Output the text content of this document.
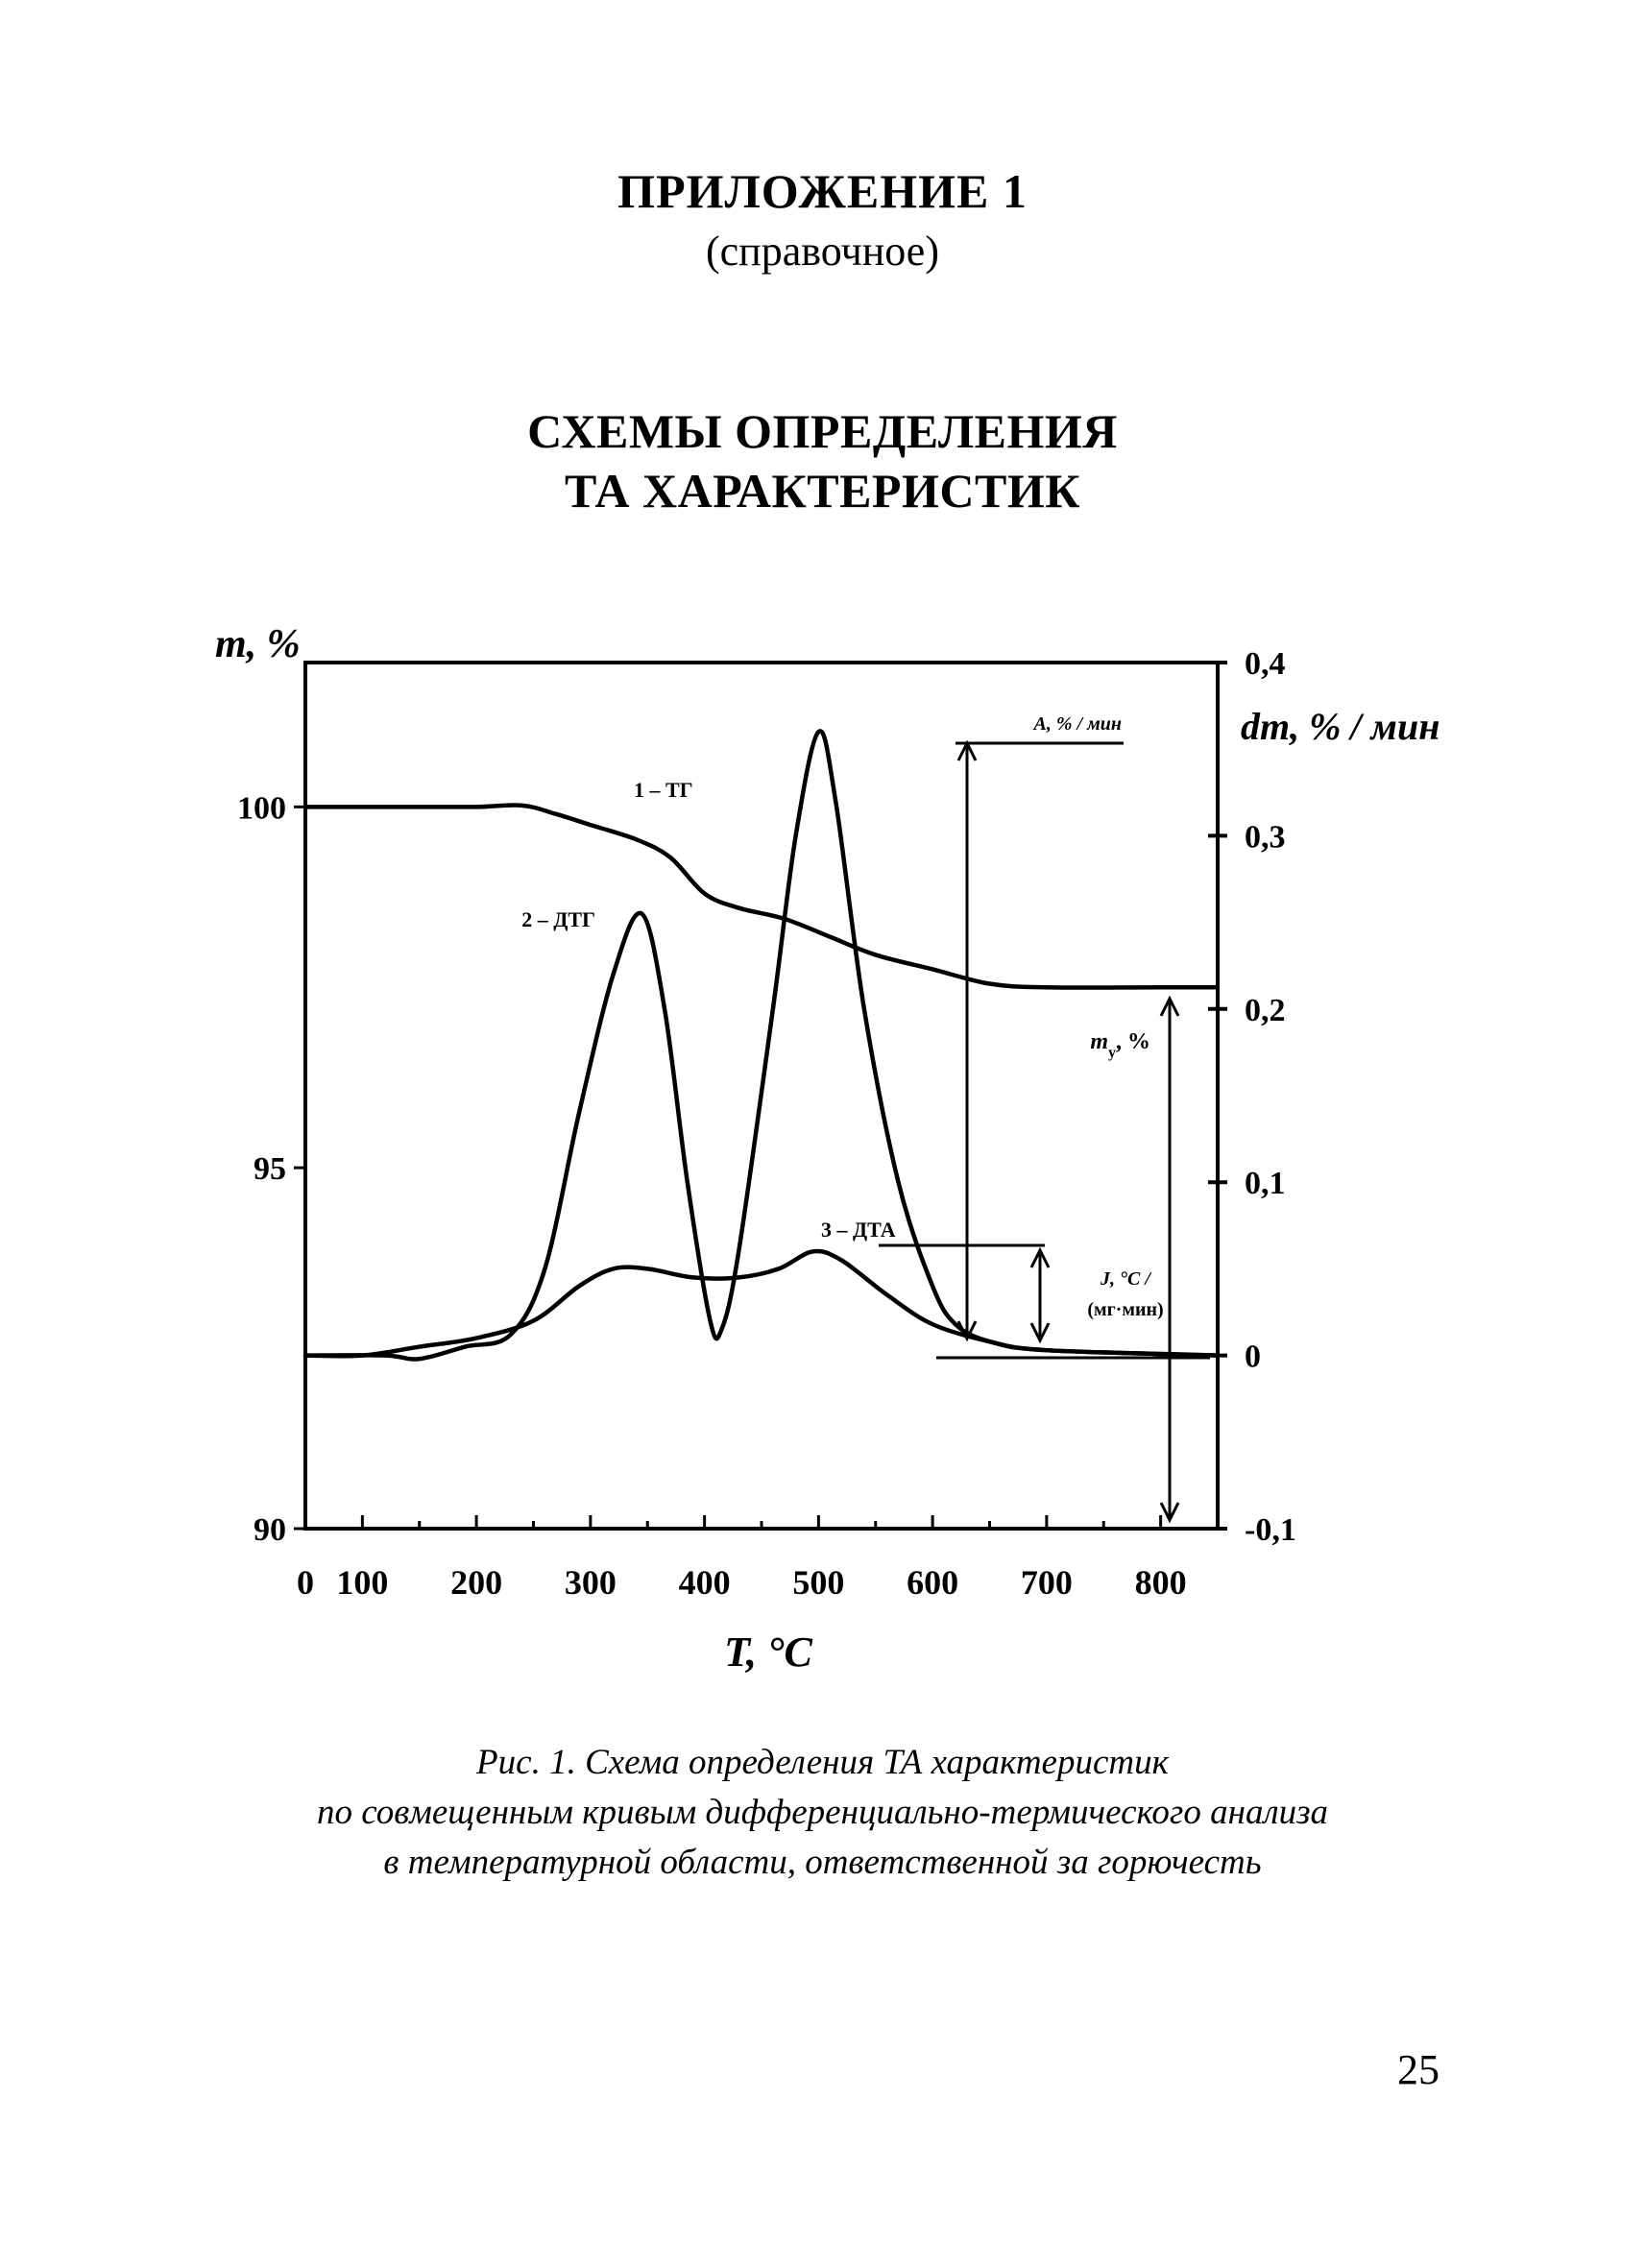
ПРИЛОЖЕНИЕ 1
(справочное)
СХЕМЫ ОПРЕДЕЛЕНИЯ
ТА ХАРАКТЕРИСТИК
0 100 200 300 400 500 600 700 800
90
95
100
-0,1
0
0,1
0,2
0,3
0,4
A, % / мин
$m_у$, %
J, °C /
(мг·мин)
m, %
dm, % / мин
T, °C
1 – ТГ
2 – ДТГ
3 – ДТА
Рис. 1. Схема определения ТА характеристик
по совмещенным кривым дифференциально-термического анализа
в температурной области, ответственной за горючесть
25
